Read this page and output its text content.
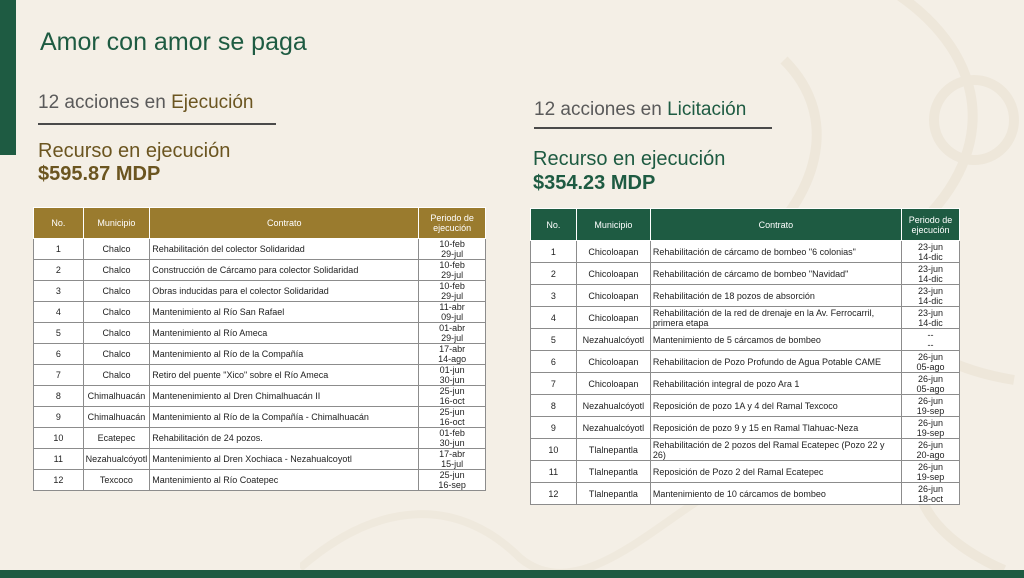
Amor con amor se paga
12 acciones en Ejecución
Recurso en ejecución
$595.87 MDP
No.	Municipio	Contrato	Periodo de ejecución
1	Chalco	Rehabilitación del colector Solidaridad	10-feb
29-jul

2	Chalco	Construcción de Cárcamo para colector Solidaridad	10-feb
29-jul

3	Chalco	Obras inducidas para el colector Solidaridad	10-feb
29-jul

4	Chalco	Mantenimiento al Río San Rafael	11-abr
09-jul

5	Chalco	Mantenimiento al Río Ameca	01-abr
29-jul

6	Chalco	Mantenimiento al Río de la Compañía	17-abr
14-ago

7	Chalco	Retiro del puente "Xico" sobre el Río Ameca	01-jun
30-jun

8	Chimalhuacán	Mantenenimiento al Dren Chimalhuacán II	25-jun
16-oct

9	Chimalhuacán	Mantenimiento al Río de la Compañía - Chimalhuacán	25-jun
16-oct

10	Ecatepec	Rehabilitación de 24 pozos.	01-feb
30-jun

11	Nezahualcóyotl	Mantenimiento al Dren Xochiaca - Nezahualcoyotl	17-abr
15-jul

12	Texcoco	Mantenimiento al Río Coatepec	25-jun
16-sep
12 acciones en Licitación
Recurso en ejecución
$354.23 MDP
No.	Municipio	Contrato	Periodo de ejecución
1	Chicoloapan	Rehabilitación de cárcamo de bombeo "6 colonias"	23-jun
14-dic

2	Chicoloapan	Rehabilitación de cárcamo de bombeo "Navidad"	23-jun
14-dic

3	Chicoloapan	Rehabilitación de 18 pozos de absorción	23-jun
14-dic

4	Chicoloapan	Rehabilitación de la red de drenaje en la Av. Ferrocarril, primera etapa	23-jun
14-dic

5	Nezahualcóyotl	Mantenimiento de 5 cárcamos de bombeo	--
--

6	Chicoloapan	Rehabilitacion de Pozo Profundo de Agua Potable CAME	26-jun
05-ago

7	Chicoloapan	Rehabilitación integral de pozo Ara 1	26-jun
05-ago

8	Nezahualcóyotl	Reposición de pozo 1A y 4 del Ramal Texcoco	26-jun
19-sep

9	Nezahualcóyotl	Reposición de pozo 9 y 15 en Ramal Tlahuac-Neza	26-jun
19-sep

10	Tlalnepantla	Rehabilitación de 2 pozos del Ramal Ecatepec (Pozo 22 y 26)	26-jun
20-ago

11	Tlalnepantla	Reposición de Pozo 2 del Ramal Ecatepec	26-jun
19-sep

12	Tlalnepantla	Mantenimiento de 10 cárcamos de bombeo	26-jun
18-oct
